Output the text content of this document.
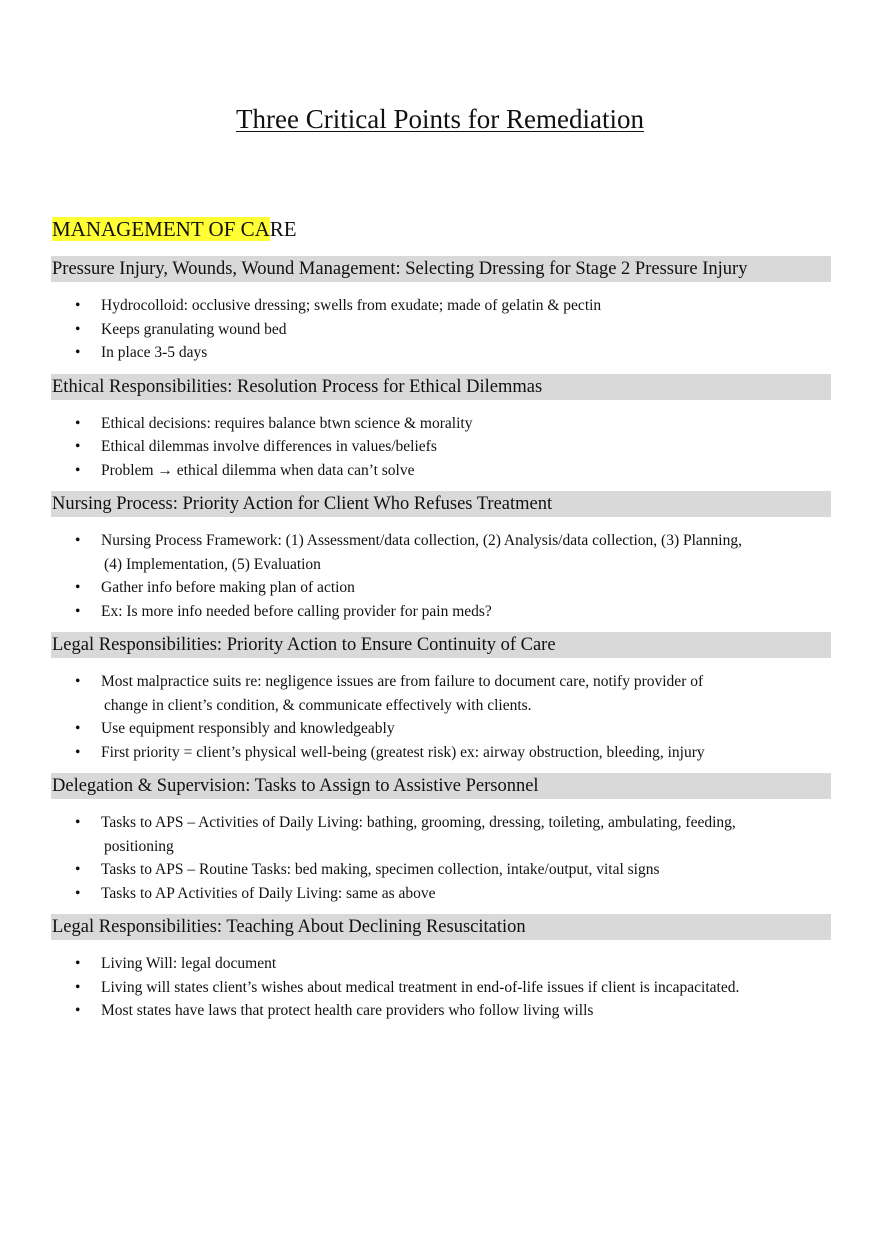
Three Critical Points for Remediation
MANAGEMENT OF CARE
Pressure Injury, Wounds, Wound Management: Selecting Dressing for Stage 2 Pressure Injury
• Hydrocolloid: occlusive dressing; swells from exudate; made of gelatin & pectin
• Keeps granulating wound bed
• In place 3-5 days
Ethical Responsibilities: Resolution Process for Ethical Dilemmas
• Ethical decisions: requires balance btwn science & morality
• Ethical dilemmas involve differences in values/beliefs
• Problem → ethical dilemma when data can’t solve
Nursing Process: Priority Action for Client Who Refuses Treatment
• Nursing Process Framework: (1) Assessment/data collection, (2) Analysis/data collection, (3) Planning,
(4) Implementation, (5) Evaluation
• Gather info before making plan of action
• Ex: Is more info needed before calling provider for pain meds?
Legal Responsibilities: Priority Action to Ensure Continuity of Care
• Most malpractice suits re: negligence issues are from failure to document care, notify provider of
change in client’s condition, & communicate effectively with clients.
• Use equipment responsibly and knowledgeably
• First priority = client’s physical well-being (greatest risk) ex: airway obstruction, bleeding, injury
Delegation & Supervision: Tasks to Assign to Assistive Personnel
• Tasks to APS – Activities of Daily Living: bathing, grooming, dressing, toileting, ambulating, feeding,
positioning
• Tasks to APS – Routine Tasks: bed making, specimen collection, intake/output, vital signs
• Tasks to AP Activities of Daily Living: same as above
Legal Responsibilities: Teaching About Declining Resuscitation
• Living Will: legal document
• Living will states client’s wishes about medical treatment in end-of-life issues if client is incapacitated.
• Most states have laws that protect health care providers who follow living wills
